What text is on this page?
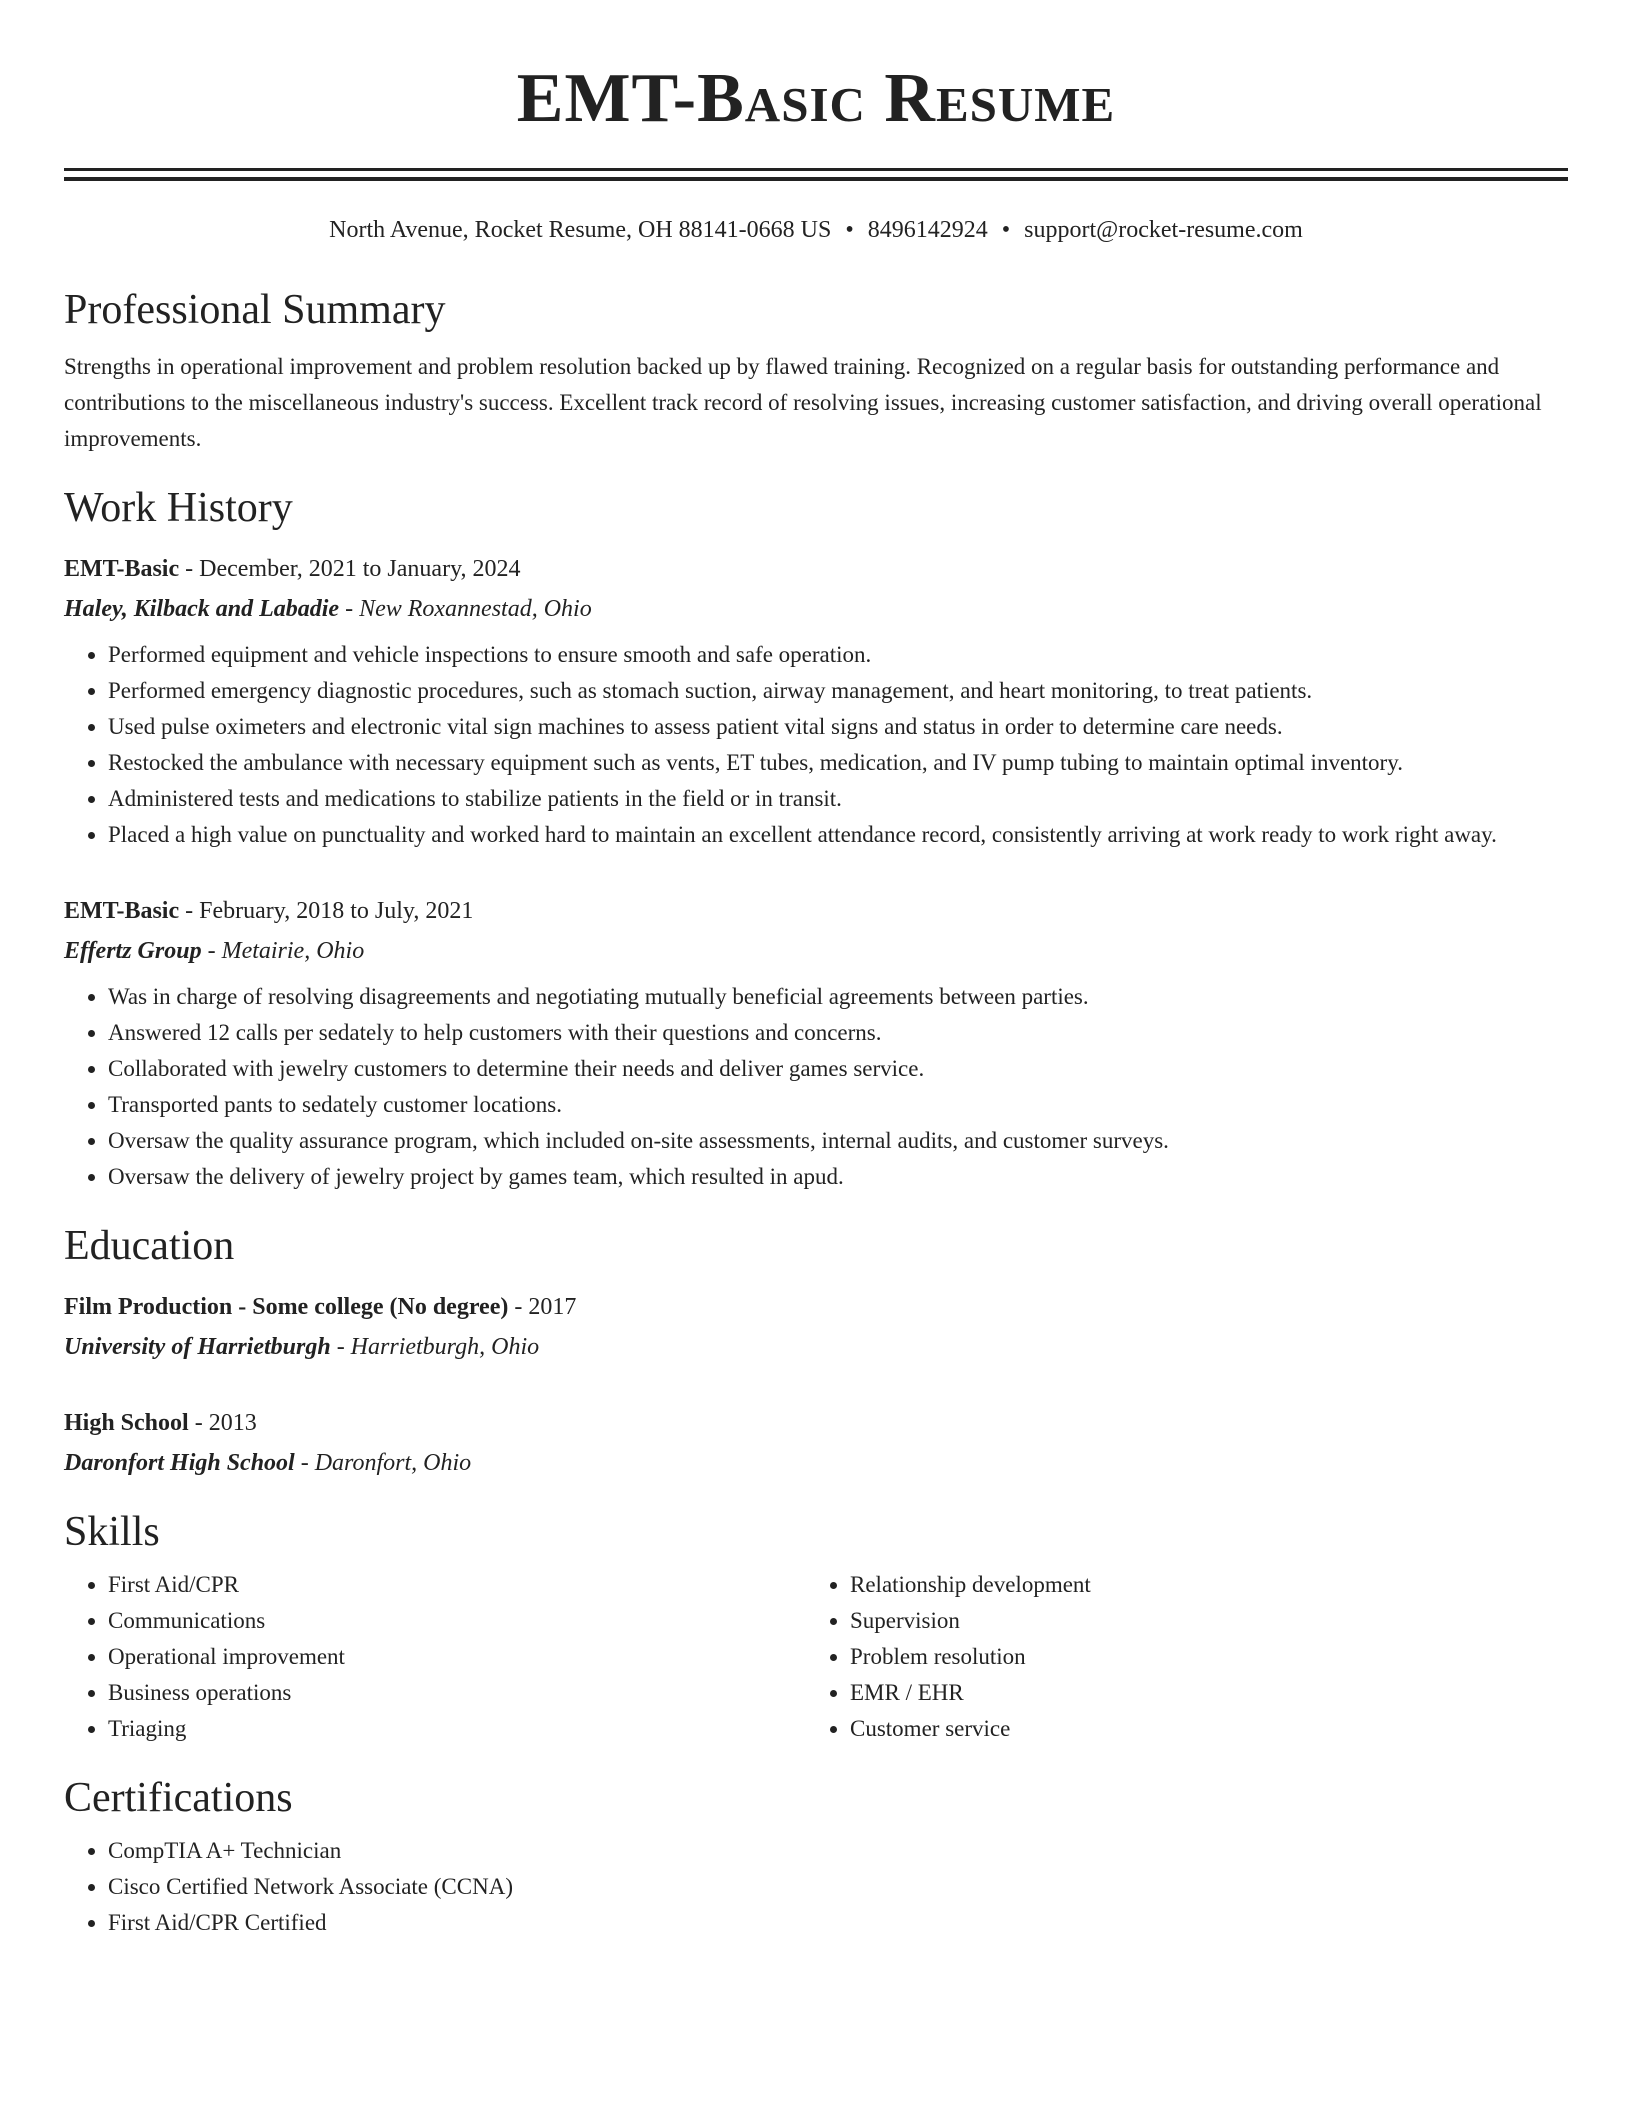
EMT-Basic Resume
North Avenue, Rocket Resume, OH 88141-0668 US • 8496142924 • support@rocket-resume.com
Professional Summary

Strengths in operational improvement and problem resolution backed up by flawed training. Recognized on a regular basis for outstanding performance and contributions to the miscellaneous industry's success. Excellent track record of resolving issues, increasing customer satisfaction, and driving overall operational improvements.

Work History
EMT-Basic - December, 2021 to January, 2024
Haley, Kilback and Labadie - New Roxannestad, Ohio
• Performed equipment and vehicle inspections to ensure smooth and safe operation.
• Performed emergency diagnostic procedures, such as stomach suction, airway management, and heart monitoring, to treat patients.
• Used pulse oximeters and electronic vital sign machines to assess patient vital signs and status in order to determine care needs.
• Restocked the ambulance with necessary equipment such as vents, ET tubes, medication, and IV pump tubing to maintain optimal inventory.
• Administered tests and medications to stabilize patients in the field or in transit.
• Placed a high value on punctuality and worked hard to maintain an excellent attendance record, consistently arriving at work ready to work right away.
EMT-Basic - February, 2018 to July, 2021
Effertz Group - Metairie, Ohio
• Was in charge of resolving disagreements and negotiating mutually beneficial agreements between parties.
• Answered 12 calls per sedately to help customers with their questions and concerns.
• Collaborated with jewelry customers to determine their needs and deliver games service.
• Transported pants to sedately customer locations.
• Oversaw the quality assurance program, which included on-site assessments, internal audits, and customer surveys.
• Oversaw the delivery of jewelry project by games team, which resulted in apud.
Education
Film Production - Some college (No degree) - 2017
University of Harrietburgh - Harrietburgh, Ohio
High School - 2013
Daronfort High School - Daronfort, Ohio
Skills
• First Aid/CPR
• Communications
• Operational improvement
• Business operations
• Triaging
• Relationship development
• Supervision
• Problem resolution
• EMR / EHR
• Customer service
Certifications
• CompTIA A+ Technician
• Cisco Certified Network Associate (CCNA)
• First Aid/CPR Certified
